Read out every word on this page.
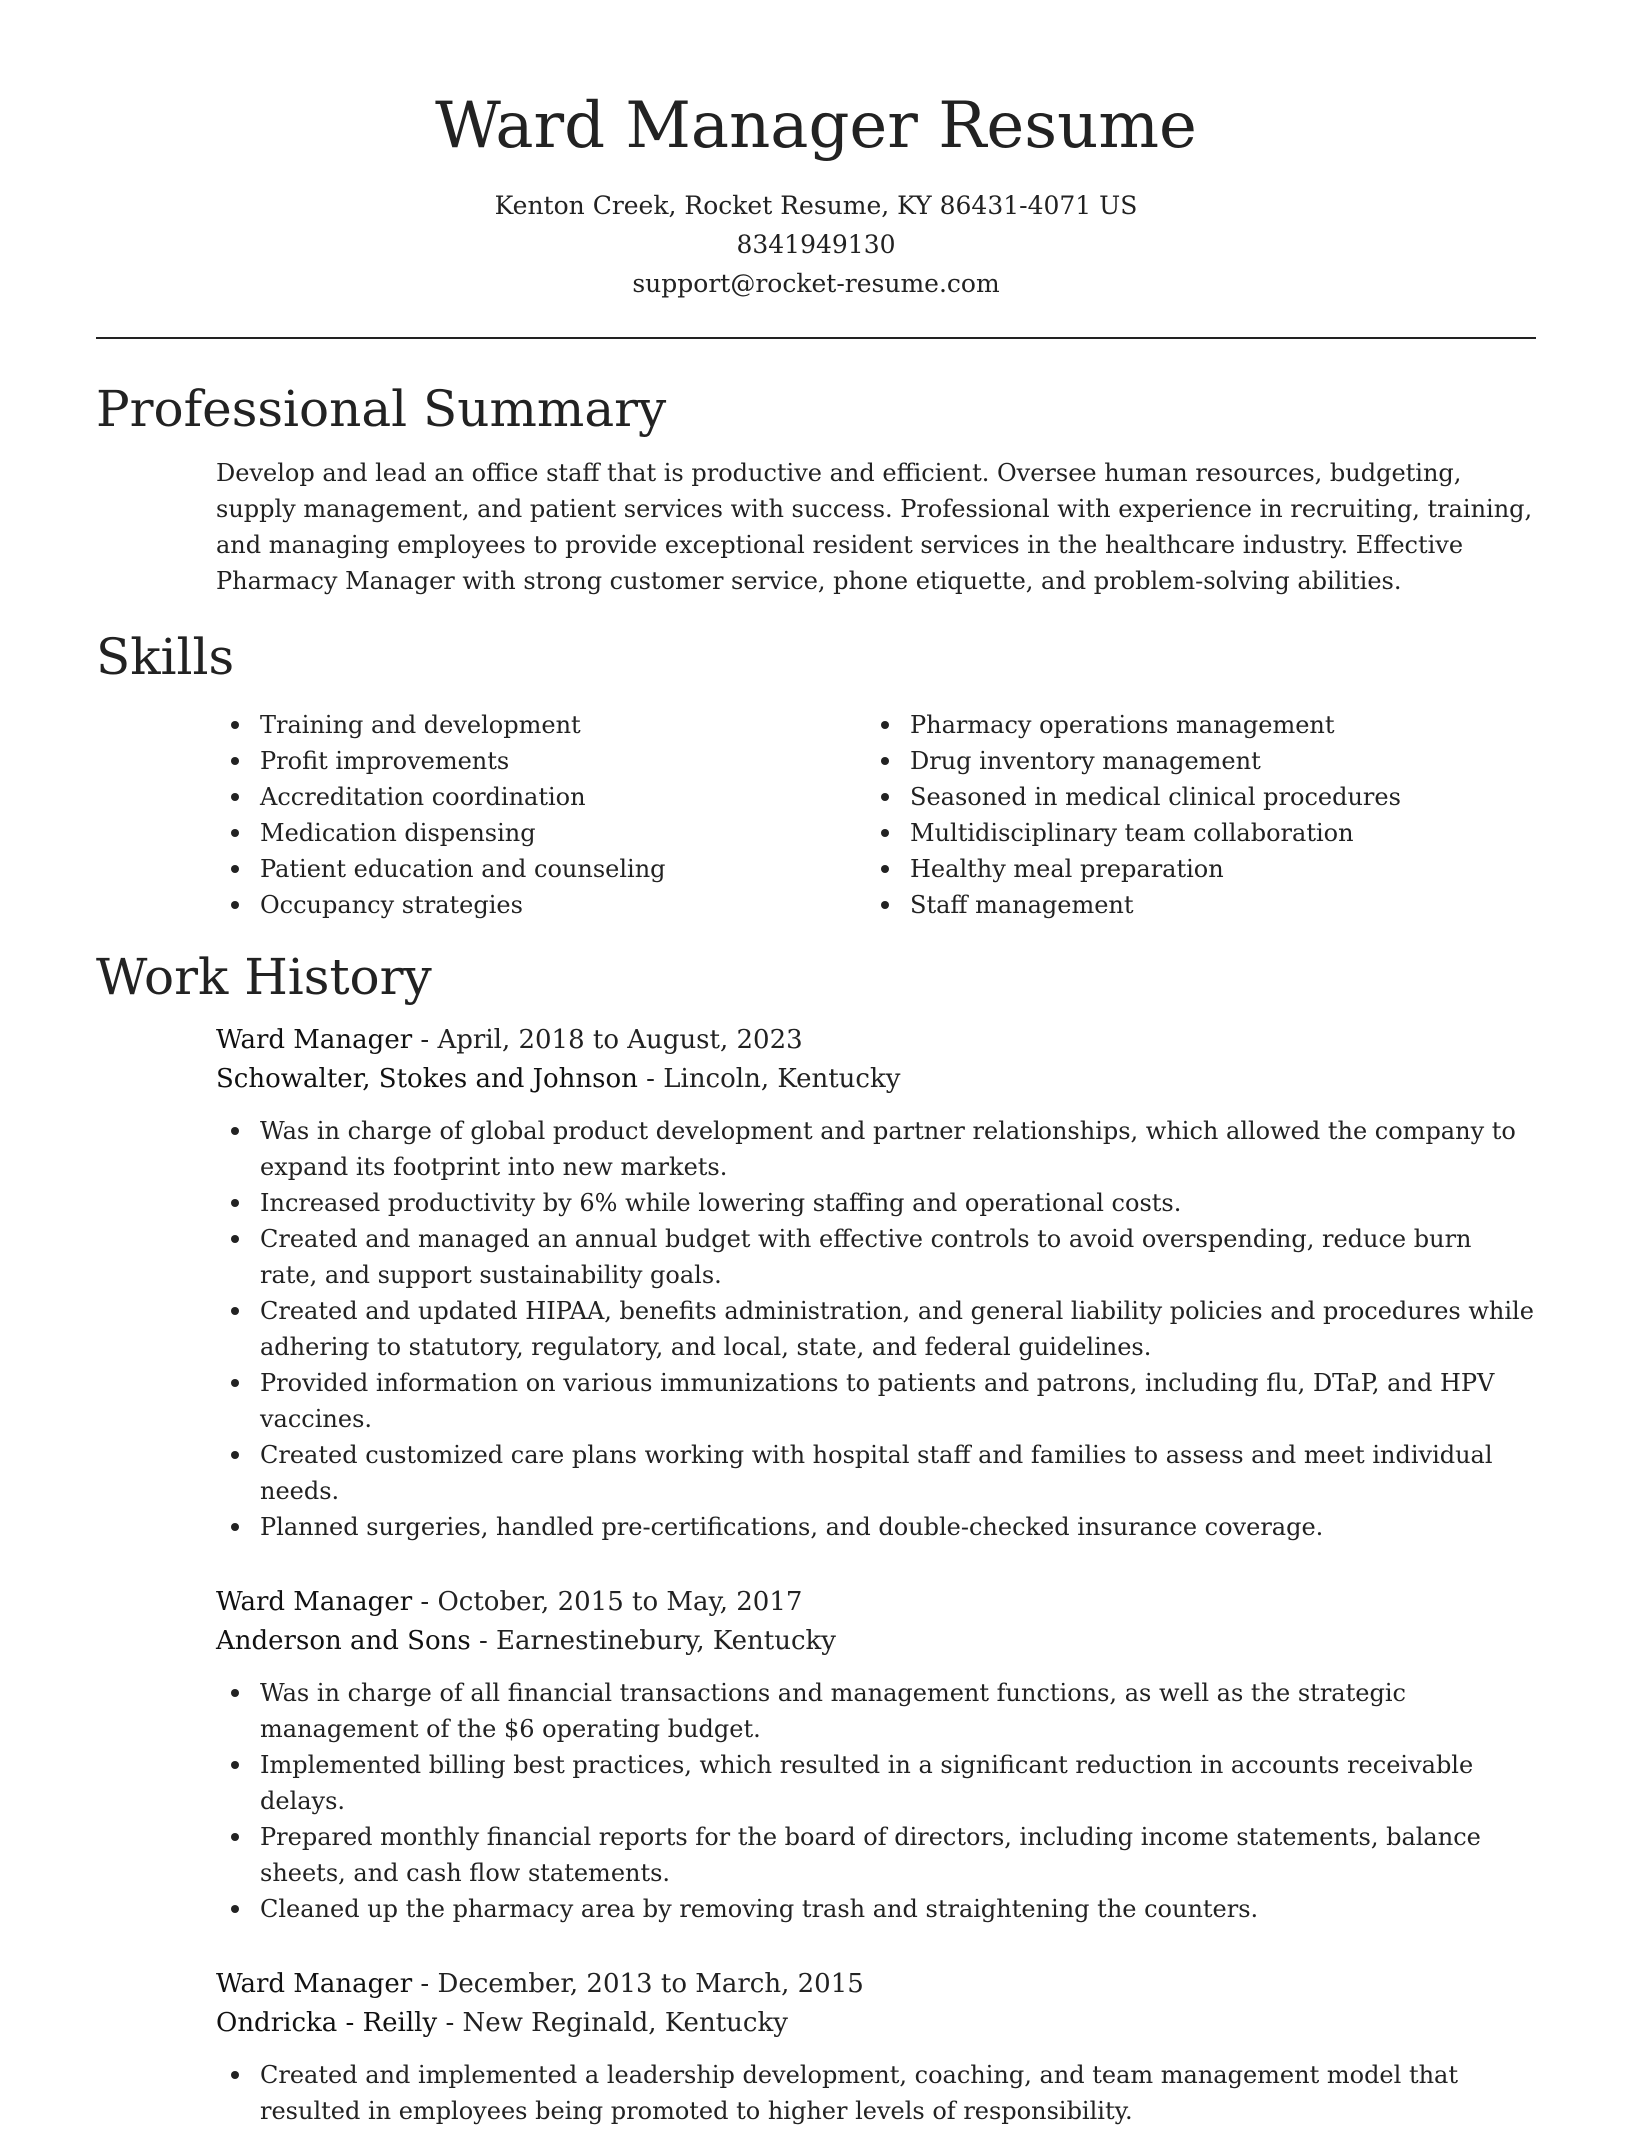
Ward Manager Resume

Kenton Creek, Rocket Resume, KY 86431-4071 US

8341949130

support@rocket-resume.com

Professional Summary

Develop and lead an office staff that is productive and efficient. Oversee human resources, budgeting, supply management, and patient services with success. Professional with experience in recruiting, training, and managing employees to provide exceptional resident services in the healthcare industry. Effective Pharmacy Manager with strong customer service, phone etiquette, and problem-solving abilities.

Skills
Training and development
Profit improvements
Accreditation coordination
Medication dispensing
Patient education and counseling
Occupancy strategies
Pharmacy operations management
Drug inventory management
Seasoned in medical clinical procedures
Multidisciplinary team collaboration
Healthy meal preparation
Staff management
Work History

Ward Manager - April, 2018 to August, 2023

Schowalter, Stokes and Johnson - Lincoln, Kentucky

Was in charge of global product development and partner relationships, which allowed the company to expand its footprint into new markets.
Increased productivity by 6% while lowering staffing and operational costs.
Created and managed an annual budget with effective controls to avoid overspending, reduce burn rate, and support sustainability goals.
Created and updated HIPAA, benefits administration, and general liability policies and procedures while adhering to statutory, regulatory, and local, state, and federal guidelines.
Provided information on various immunizations to patients and patrons, including flu, DTaP, and HPV vaccines.
Created customized care plans working with hospital staff and families to assess and meet individual needs.
Planned surgeries, handled pre-certifications, and double-checked insurance coverage.

Ward Manager - October, 2015 to May, 2017

Anderson and Sons - Earnestinebury, Kentucky

Was in charge of all financial transactions and management functions, as well as the strategic management of the $6 operating budget.
Implemented billing best practices, which resulted in a significant reduction in accounts receivable delays.
Prepared monthly financial reports for the board of directors, including income statements, balance sheets, and cash flow statements.
Cleaned up the pharmacy area by removing trash and straightening the counters.

Ward Manager - December, 2013 to March, 2015

Ondricka - Reilly - New Reginald, Kentucky

Created and implemented a leadership development, coaching, and team management model that resulted in employees being promoted to higher levels of responsibility.
